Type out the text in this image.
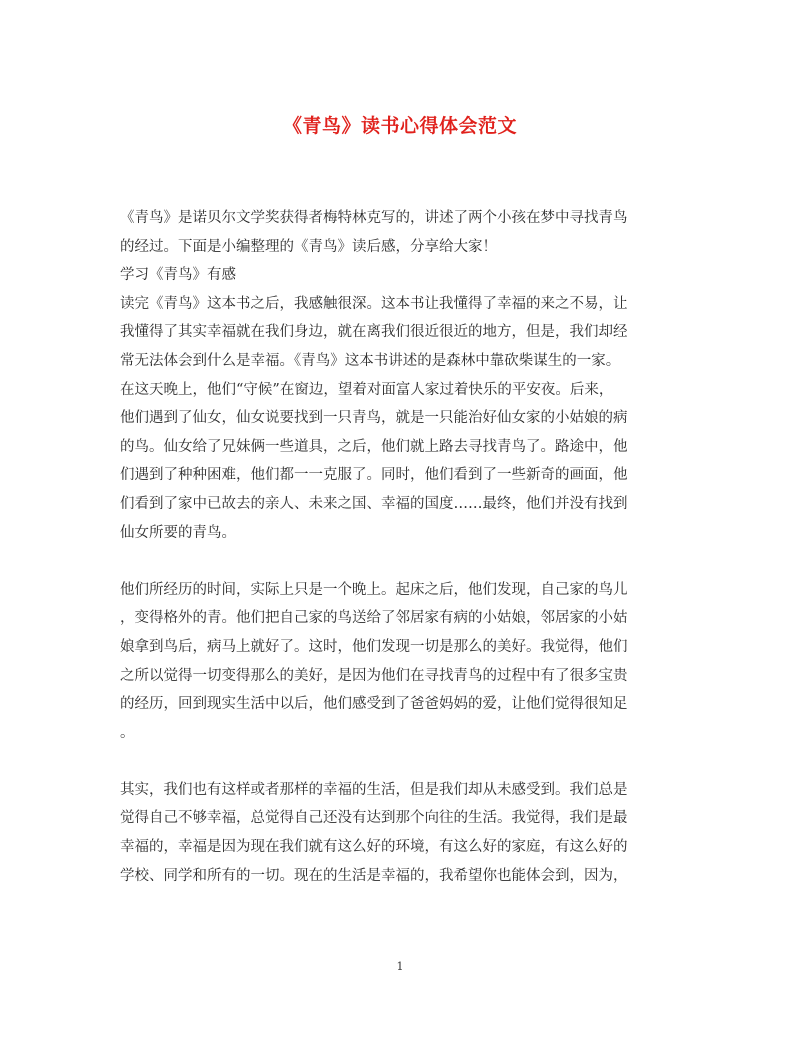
《青鸟》读书心得体会范文
《青鸟》是诺贝尔文学奖获得者梅特林克写的，讲述了两个小孩在梦中寻找青鸟
的经过。下面是小编整理的《青鸟》读后感，分享给大家！
学习《青鸟》有感
读完《青鸟》这本书之后，我感触很深。这本书让我懂得了幸福的来之不易，让
我懂得了其实幸福就在我们身边，就在离我们很近很近的地方，但是，我们却经
常无法体会到什么是幸福。《青鸟》这本书讲述的是森林中靠砍柴谋生的一家。
在这天晚上，他们“守候”在窗边，望着对面富人家过着快乐的平安夜。后来，
他们遇到了仙女，仙女说要找到一只青鸟，就是一只能治好仙女家的小姑娘的病
的鸟。仙女给了兄妹俩一些道具，之后，他们就上路去寻找青鸟了。路途中，他
们遇到了种种困难，他们都一一克服了。同时，他们看到了一些新奇的画面，他
们看到了家中已故去的亲人、未来之国、幸福的国度……最终，他们并没有找到
仙女所要的青鸟。
他们所经历的时间，实际上只是一个晚上。起床之后，他们发现，自己家的鸟儿
，变得格外的青。他们把自己家的鸟送给了邻居家有病的小姑娘，邻居家的小姑
娘拿到鸟后，病马上就好了。这时，他们发现一切是那么的美好。我觉得，他们
之所以觉得一切变得那么的美好，是因为他们在寻找青鸟的过程中有了很多宝贵
的经历，回到现实生活中以后，他们感受到了爸爸妈妈的爱，让他们觉得很知足
。
其实，我们也有这样或者那样的幸福的生活，但是我们却从未感受到。我们总是
觉得自己不够幸福，总觉得自己还没有达到那个向往的生活。我觉得，我们是最
幸福的，幸福是因为现在我们就有这么好的环境，有这么好的家庭，有这么好的
学校、同学和所有的一切。现在的生活是幸福的，我希望你也能体会到，因为，
1
